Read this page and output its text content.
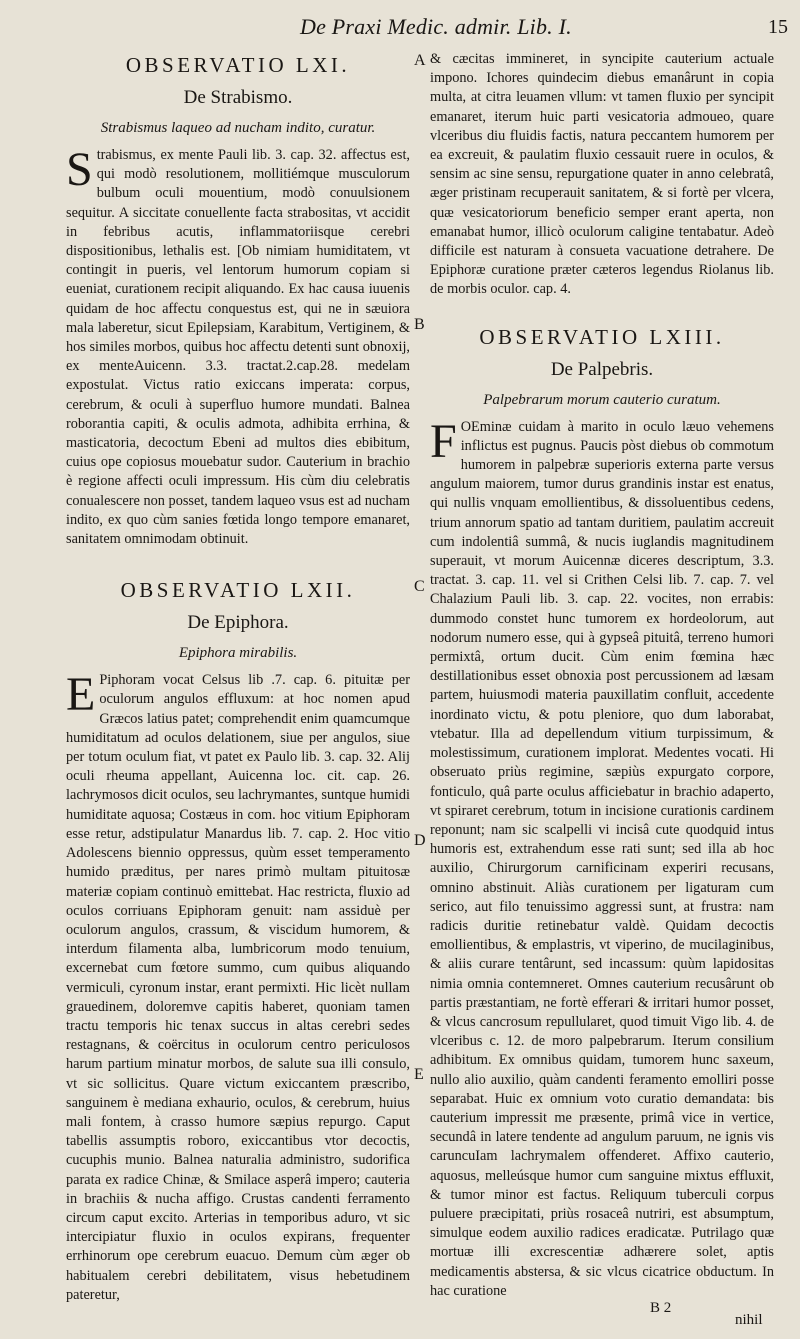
De Praxi Medic. admir. Lib. I.	15
A
B
C
D
E
OBSERVATIO LXI.
De Strabismo.
Strabismus laqueo ad nucham indito, curatur.
Strabismus, ex mente Pauli lib. 3. cap. 32. affectus est, qui modò resolutionem, mollitiémque musculorum bulbum oculi mouentium, modò conuulsionem sequitur. A siccitate conuellente facta strabositas, vt accidit in febribus acutis, inflammatoriisque cerebri dispositionibus, lethalis est. [Ob nimiam humiditatem, vt contingit in pueris, vel lentorum humorum copiam si eueniat, curationem recipit aliquando. Ex hac causa iuuenis quidam de hoc affectu conquestus est, qui ne in sæuiora mala laberetur, sicut Epilepsiam, Karabitum, Vertiginem, & hos similes morbos, quibus hoc affectu detenti sunt obnoxij, ex menteAuicenn. 3.3. tractat.2.cap.28. medelam expostulat. Victus ratio exiccans imperata: corpus, cerebrum, & oculi à superfluo humore mundati. Balnea roborantia capiti, & oculis admota, adhibita errhina, & masticatoria, decoctum Ebeni ad multos dies ebibitum, cuius ope copiosus mouebatur sudor. Cauterium in brachio è regione affecti oculi impressum. His cùm diu celebratis conualescere non posset, tandem laqueo vsus est ad nucham indito, ex quo cùm sanies fœtida longo tempore emanaret, sanitatem omnimodam obtinuit.
OBSERVATIO LXII.
De Epiphora.
Epiphora mirabilis.
E Piphoram vocat Celsus lib .7. cap. 6. pituitæ per oculorum angulos effluxum: at hoc nomen apud Græcos latius patet; comprehendit enim quamcumque humiditatum ad oculos delationem, siue per angulos, siue per totum oculum fiat, vt patet ex Paulo lib. 3. cap. 32. Alij oculi rheuma appellant, Auicenna loc. cit. cap. 26. lachrymosos dicit oculos, seu lachrymantes, suntque humidi humiditate aquosa; Costæus in com. hoc vitium Epiphoram esse retur, adstipulatur Manardus lib. 7. cap. 2. Hoc vitio Adolescens biennio oppressus, quùm esset temperamento humido præditus, per nares primò multam pituitosæ materiæ copiam continuò emittebat. Hac restricta, fluxio ad oculos corriuans Epiphoram genuit: nam assiduè per oculorum angulos, crassum, & viscidum humorem, & interdum filamenta alba, lumbricorum modo tenuium, excernebat cum fœtore summo, cum quibus aliquando vermiculi, cyronum instar, erant permixti. Hic licèt nullam grauedinem, doloremve capitis haberet, quoniam tamen tractu temporis hic tenax succus in altas cerebri sedes restagnans, & coërcitus in oculorum centro periculosos harum partium minatur morbos, de salute sua illi consulo, vt sic sollicitus. Quare victum exiccantem præscribo, sanguinem è mediana exhaurio, oculos, & cerebrum, huius mali fontem, à crasso humore sæpius repurgo. Caput tabellis assumptis roboro, exiccantibus vtor decoctis, cucuphis munio. Balnea naturalia administro, sudorifica parata ex radice Chinæ, & Smilace asperâ impero; cauteria in brachiis & nucha affigo. Crustas candenti ferramento circum caput excito. Arterias in temporibus aduro, vt sic intercipiatur fluxio in oculos expirans, frequenter errhinorum ope cerebrum euacuo. Demum cùm æger ob habitualem cerebri debilitatem, visus hebetudinem pateretur,
& cæcitas immineret, in syncipite cauterium actuale impono. Ichores quindecim diebus emanârunt in copia multa, at citra leuamen vllum: vt tamen fluxio per syncipit emanaret, iterum huic parti vesicatoria admoueo, quare vlceribus diu fluidis factis, natura peccantem humorem per ea excreuit, & paulatim fluxio cessauit ruere in oculos, & sensim ac sine sensu, repurgatione quater in anno celebratâ, æger pristinam recuperauit sanitatem, & si fortè per vlcera, quæ vesicatoriorum beneficio semper erant aperta, non emanabat humor, illicò oculorum caligine tentabatur. Adeò difficile est naturam à consueta vacuatione detrahere. De Epiphoræ curatione præter cæteros legendus Riolanus lib. de morbis oculor. cap. 4.
OBSERVATIO LXIII.
De Palpebris.
Palpebrarum morum cauterio curatum.
F OEminæ cuidam à marito in oculo læuo vehemens inflictus est pugnus. Paucis pòst diebus ob commotum humorem in palpebræ superioris externa parte versus angulum maiorem, tumor durus grandinis instar est enatus, qui nullis vnquam emollientibus, & dissoluentibus cedens, trium annorum spatio ad tantam duritiem, paulatim accreuit cum indolentiâ summâ, & nucis iuglandis magnitudinem superauit, vt morum Auicennæ diceres descriptum, 3.3. tractat. 3. cap. 11. vel si Crithen Celsi lib. 7. cap. 7. vel Chalazium Pauli lib. 3. cap. 22. vocites, non errabis: dummodo constet hunc tumorem ex hordeolorum, aut nodorum numero esse, qui à gypseâ pituitâ, terreno humori permixtâ, ortum ducit. Cùm enim fœmina hæc destillationibus esset obnoxia post percussionem ad læsam partem, huiusmodi materia pauxillatim confluit, accedente inordinato victu, & potu pleniore, quo dum laborabat, vtebatur. Illa ad depellendum vitium turpissimum, & molestissimum, curationem implorat. Medentes vocati. Hi obseruato priùs regimine, sæpiùs expurgato corpore, fonticulo, quâ parte oculus afficiebatur in brachio adaperto, vt spiraret cerebrum, totum in incisione curationis cardinem reponunt; nam sic scalpelli vi incisâ cute quodquid intus humoris est, extrahendum esse rati sunt; sed illa ab hoc auxilio, Chirurgorum carnificinam experiri recusans, omnino abstinuit. Aliàs curationem per ligaturam cum serico, aut filo tenuissimo aggressi sunt, at frustra: nam radicis duritie retinebatur valdè. Quidam decoctis emollientibus, & emplastris, vt viperino, de mucilaginibus, & aliis curare tentârunt, sed incassum: quùm lapidositas nimia omnia contemneret. Omnes cauterium recusârunt ob partis præstantiam, ne fortè efferari & irritari humor posset, & vlcus cancrosum repullularet, quod timuit Vigo lib. 4. de vlceribus c. 12. de moro palpebrarum. Iterum consilium adhibitum. Ex omnibus quidam, tumorem hunc saxeum, nullo alio auxilio, quàm candenti feramento emolliri posse separabat. Huic ex omnium voto curatio demandata: bis cauterium impressit me præsente, primâ vice in vertice, secundâ in latere tendente ad angulum paruum, ne ignis vis caruncuIam lachrymalem offenderet. Affixo cauterio, aquosus, melleúsque humor cum sanguine mixtus effluxit, & tumor minor est factus. Reliquum tuberculi corpus puluere præcipitati, priùs rosaceâ nutriri, est absumptum, simulque eodem auxilio radices eradicatæ. Putrilago quæ mortuæ illi excrescentiæ adhærere solet, aptis medicamentis abstersa, & sic vlcus cicatrice obductum. In hac curatione
B 2
nihil
